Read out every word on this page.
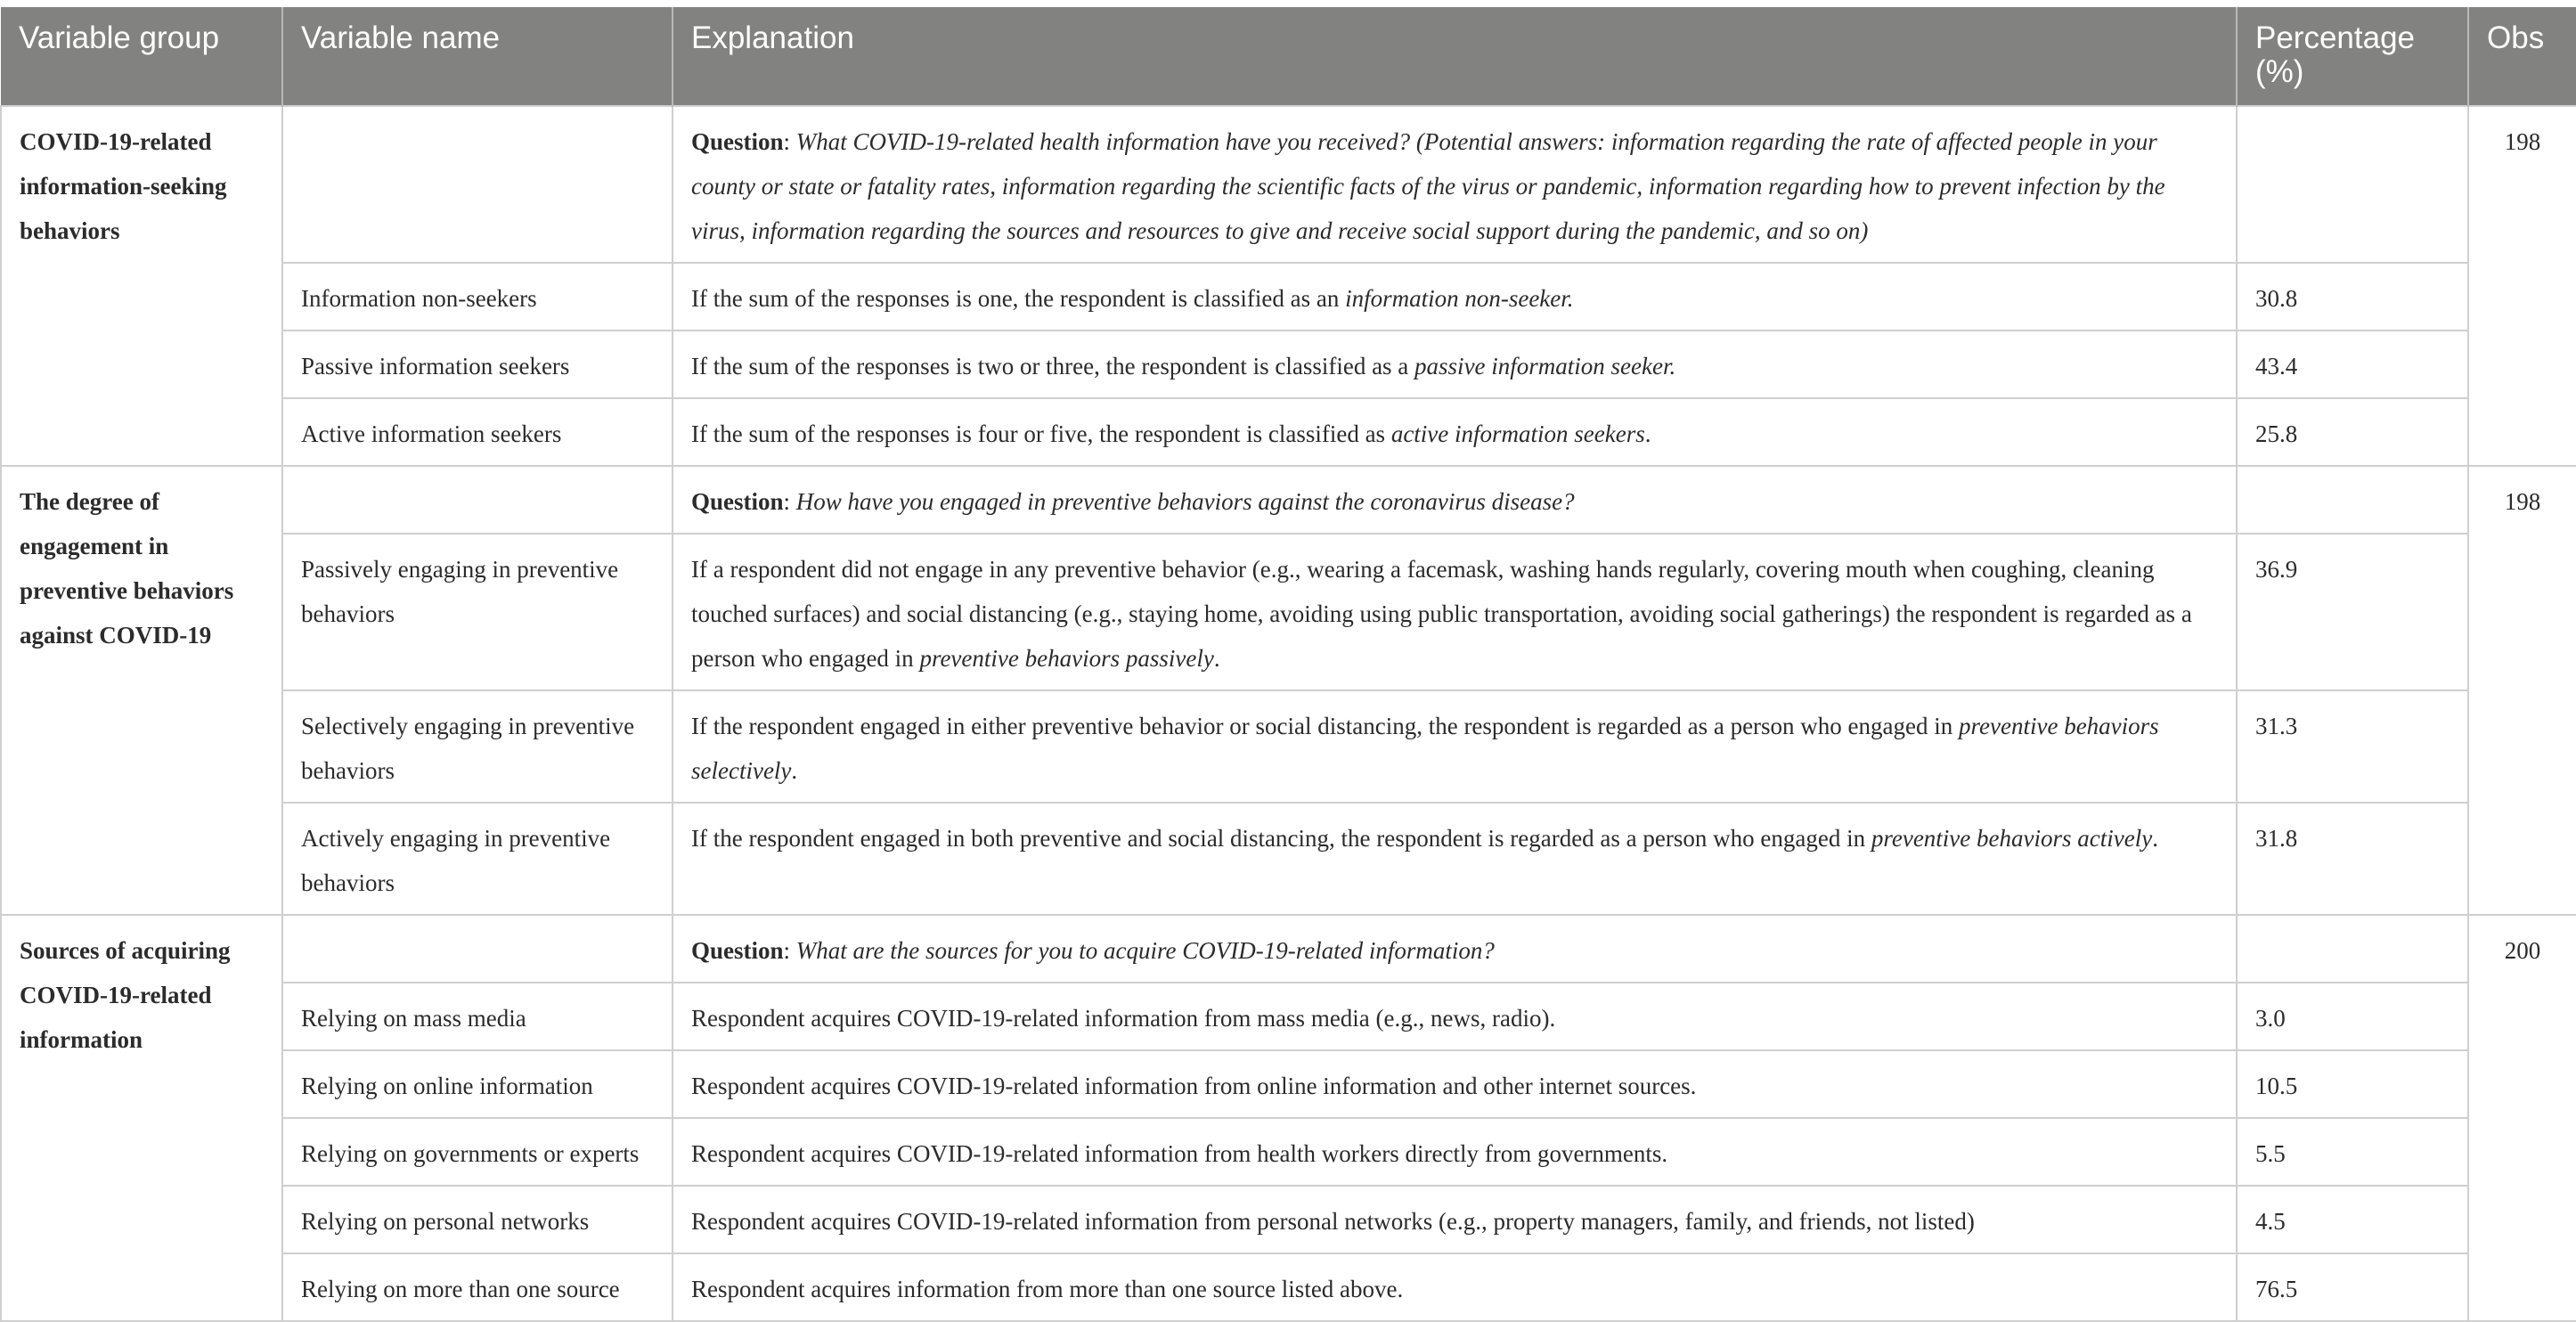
Variable group	Variable name	Explanation	Percentage (%)	Obs
COVID-19-related information-seeking behaviors		Question: What COVID-19-related health information have you received? (Potential answers: information regarding the rate of affected people in your county or state or fatality rates, information regarding the scientific facts of the virus or pandemic, information regarding how to prevent infection by the virus, information regarding the sources and resources to give and receive social support during the pandemic, and so on)		198
	Information non-seekers	If the sum of the responses is one, the respondent is classified as an information non-seeker.	30.8	
	Passive information seekers	If the sum of the responses is two or three, the respondent is classified as a passive information seeker.	43.4	
	Active information seekers	If the sum of the responses is four or five, the respondent is classified as active information seekers.	25.8	
The degree of engagement in preventive behaviors against COVID-19		Question: How have you engaged in preventive behaviors against the coronavirus disease?		198
	Passively engaging in preventive behaviors	If a respondent did not engage in any preventive behavior (e.g., wearing a facemask, washing hands regularly, covering mouth when coughing, cleaning touched surfaces) and social distancing (e.g., staying home, avoiding using public transportation, avoiding social gatherings) the respondent is regarded as a person who engaged in preventive behaviors passively.	36.9	
	Selectively engaging in preventive behaviors	If the respondent engaged in either preventive behavior or social distancing, the respondent is regarded as a person who engaged in preventive behaviors selectively.	31.3	
	Actively engaging in preventive behaviors	If the respondent engaged in both preventive and social distancing, the respondent is regarded as a person who engaged in preventive behaviors actively.	31.8	
Sources of acquiring COVID-19-related information		Question: What are the sources for you to acquire COVID-19-related information?		200
	Relying on mass media	Respondent acquires COVID-19-related information from mass media (e.g., news, radio).	3.0	
	Relying on online information	Respondent acquires COVID-19-related information from online information and other internet sources.	10.5	
	Relying on governments or experts	Respondent acquires COVID-19-related information from health workers directly from governments.	5.5	
	Relying on personal networks	Respondent acquires COVID-19-related information from personal networks (e.g., property managers, family, and friends, not listed)	4.5	
	Relying on more than one source	Respondent acquires information from more than one source listed above.	76.5	
